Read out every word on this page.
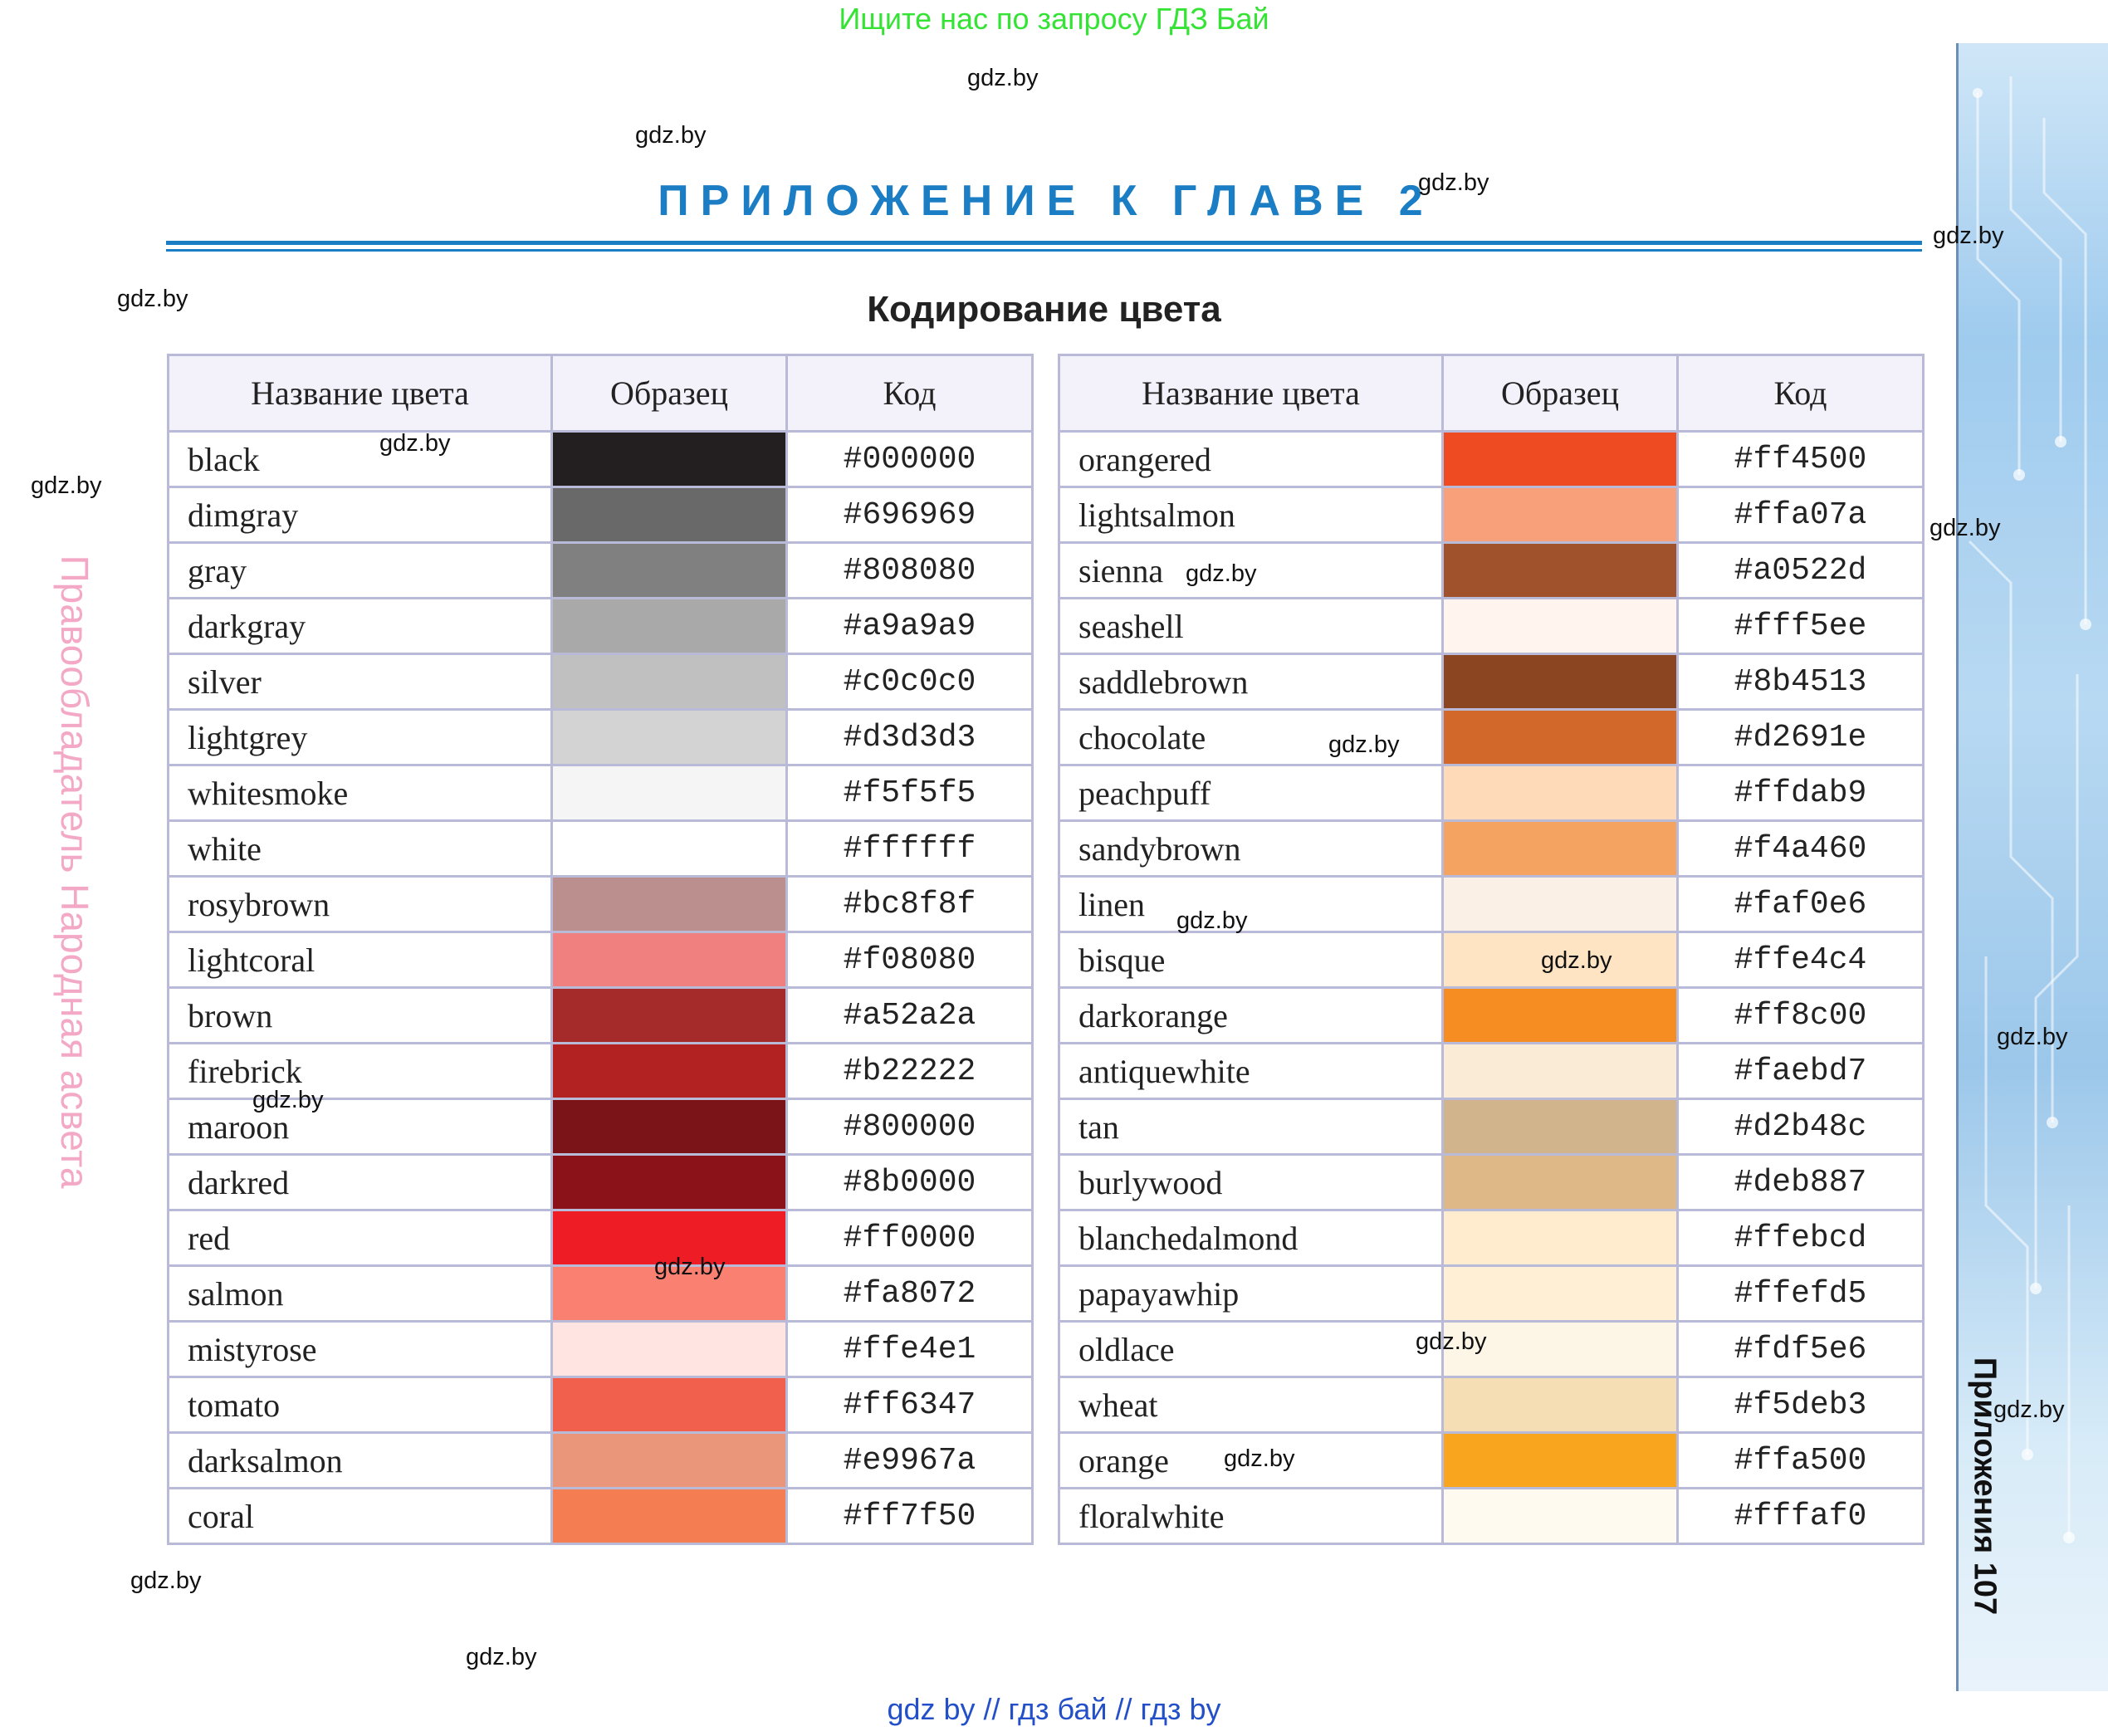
Ищите нас по запросу ГДЗ Бай
ПРИЛОЖЕНИЕ К ГЛАВЕ 2
Кодирование цвета
Правообладатель Народная асвета
Приложения 107
Название цвета	Образец	Код
black		#000000
dimgray		#696969
gray		#808080
darkgray		#a9a9a9
silver		#c0c0c0
lightgrey		#d3d3d3
whitesmoke		#f5f5f5
white		#ffffff
rosybrown		#bc8f8f
lightcoral		#f08080
brown		#a52a2a
firebrick		#b22222
maroon		#800000
darkred		#8b0000
red		#ff0000
salmon		#fa8072
mistyrose		#ffe4e1
tomato		#ff6347
darksalmon		#e9967a
coral		#ff7f50
Название цвета	Образец	Код
orangered		#ff4500
lightsalmon		#ffa07a
sienna		#a0522d
seashell		#fff5ee
saddlebrown		#8b4513
chocolate		#d2691e
peachpuff		#ffdab9
sandybrown		#f4a460
linen		#faf0e6
bisque		#ffe4c4
darkorange		#ff8c00
antiquewhite		#faebd7
tan		#d2b48c
burlywood		#deb887
blanchedalmond		#ffebcd
papayawhip		#ffefd5
oldlace		#fdf5e6
wheat		#f5deb3
orange		#ffa500
floralwhite		#fffaf0
gdz.by
gdz.by
gdz.by
gdz.by
gdz.by
gdz.by
gdz.by
gdz.by
gdz.by
gdz.by
gdz.by
gdz.by
gdz.by
gdz.by
gdz.by
gdz.by
gdz.by
gdz.by
gdz.by
gdz.by
gdz by // гдз бай // гдз by
